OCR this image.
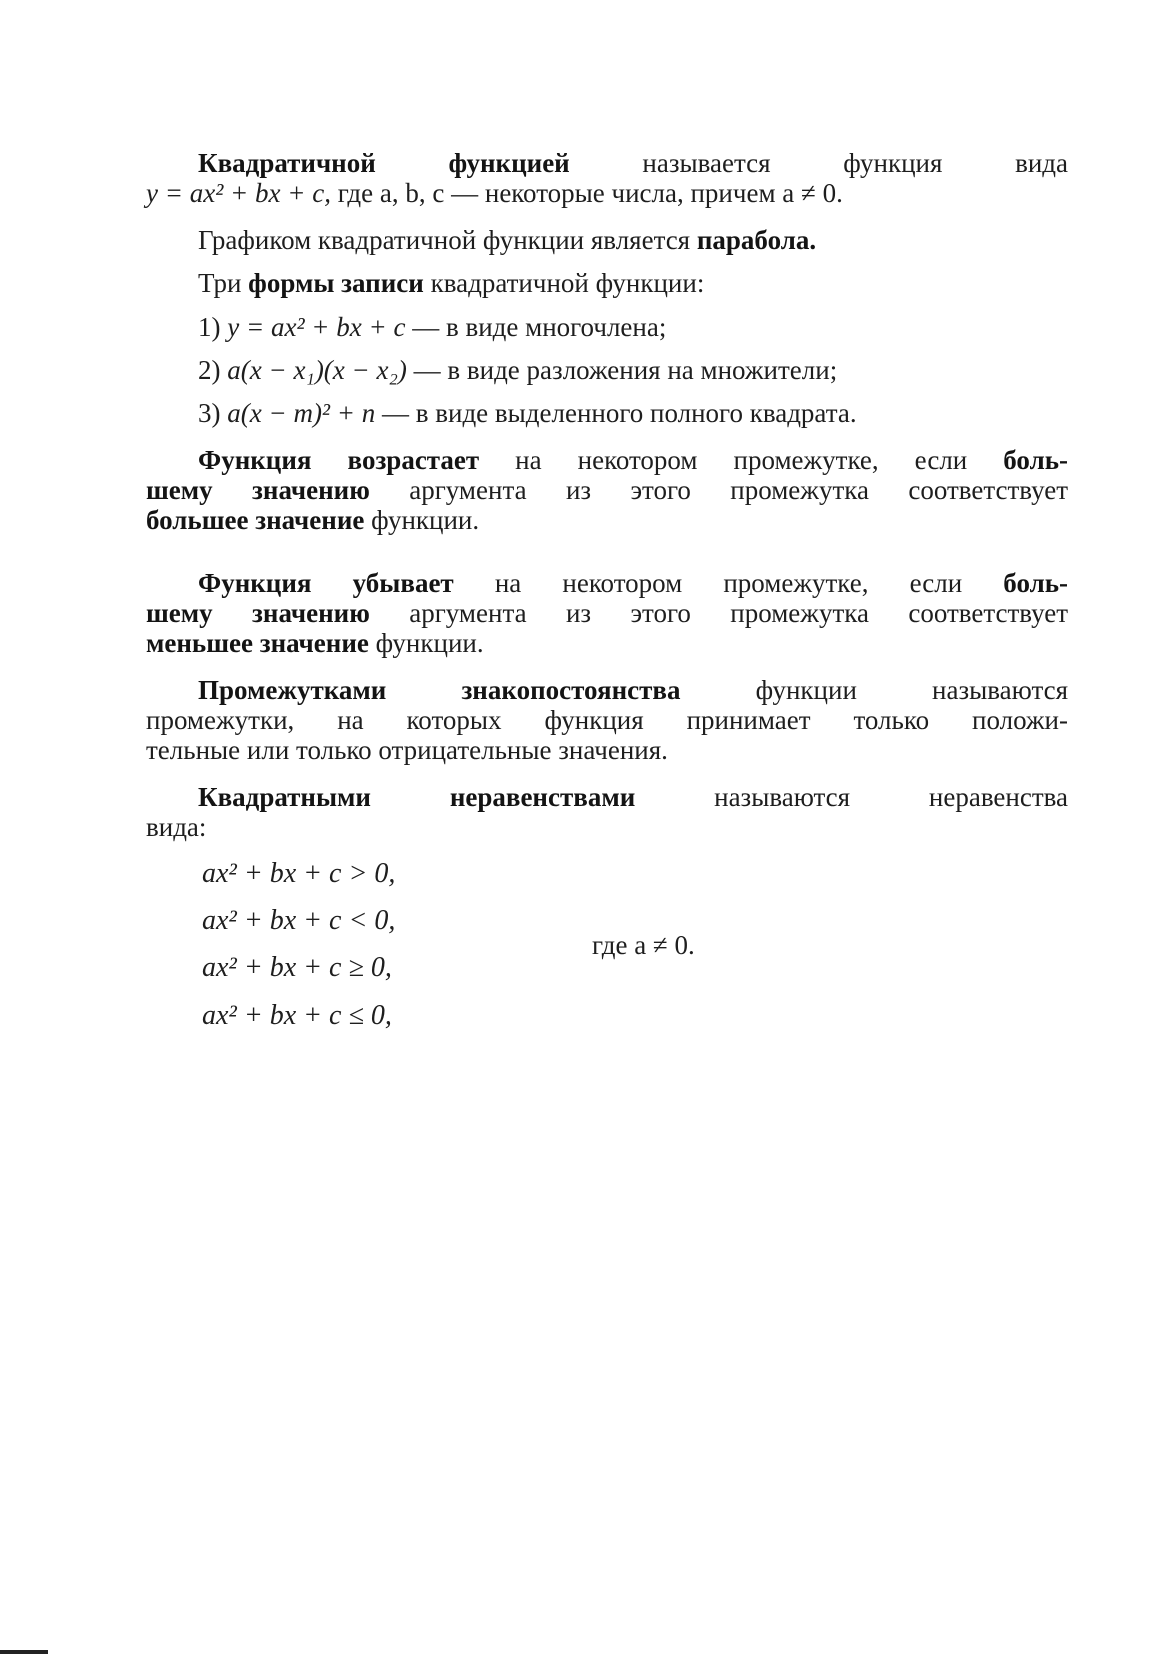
Квадратичной функцией	называется функция вида
y = ax² + bx + c, где a, b, c — некоторые числа, причем a ≠ 0.
Графиком квадратичной функции является парабола.
Три формы записи квадратичной функции:
1) y = ax² + bx + c — в виде многочлена;
2) a(x − x₁)(x − x₂) — в виде разложения на множители;
3) a(x − m)² + n — в виде выделенного полного квадрата.
Функция возрастает на некотором промежутке, если боль-
шему значению аргумента из этого промежутка соответствует
большее значение функции.
Функция убывает на некотором промежутке, если боль-
шему значению аргумента из этого промежутка соответствует
меньшее значение функции.
Промежутками знакопостоянства	функции называются
промежутки, на которых функция принимает только положи-
тельные или только отрицательные значения.
Квадратными неравенствами	называются неравенства
вида:
ax² + bx + c > 0,
ax² + bx + c < 0,
ax² + bx + c ≥ 0,
ax² + bx + c ≤ 0,
где a ≠ 0.
